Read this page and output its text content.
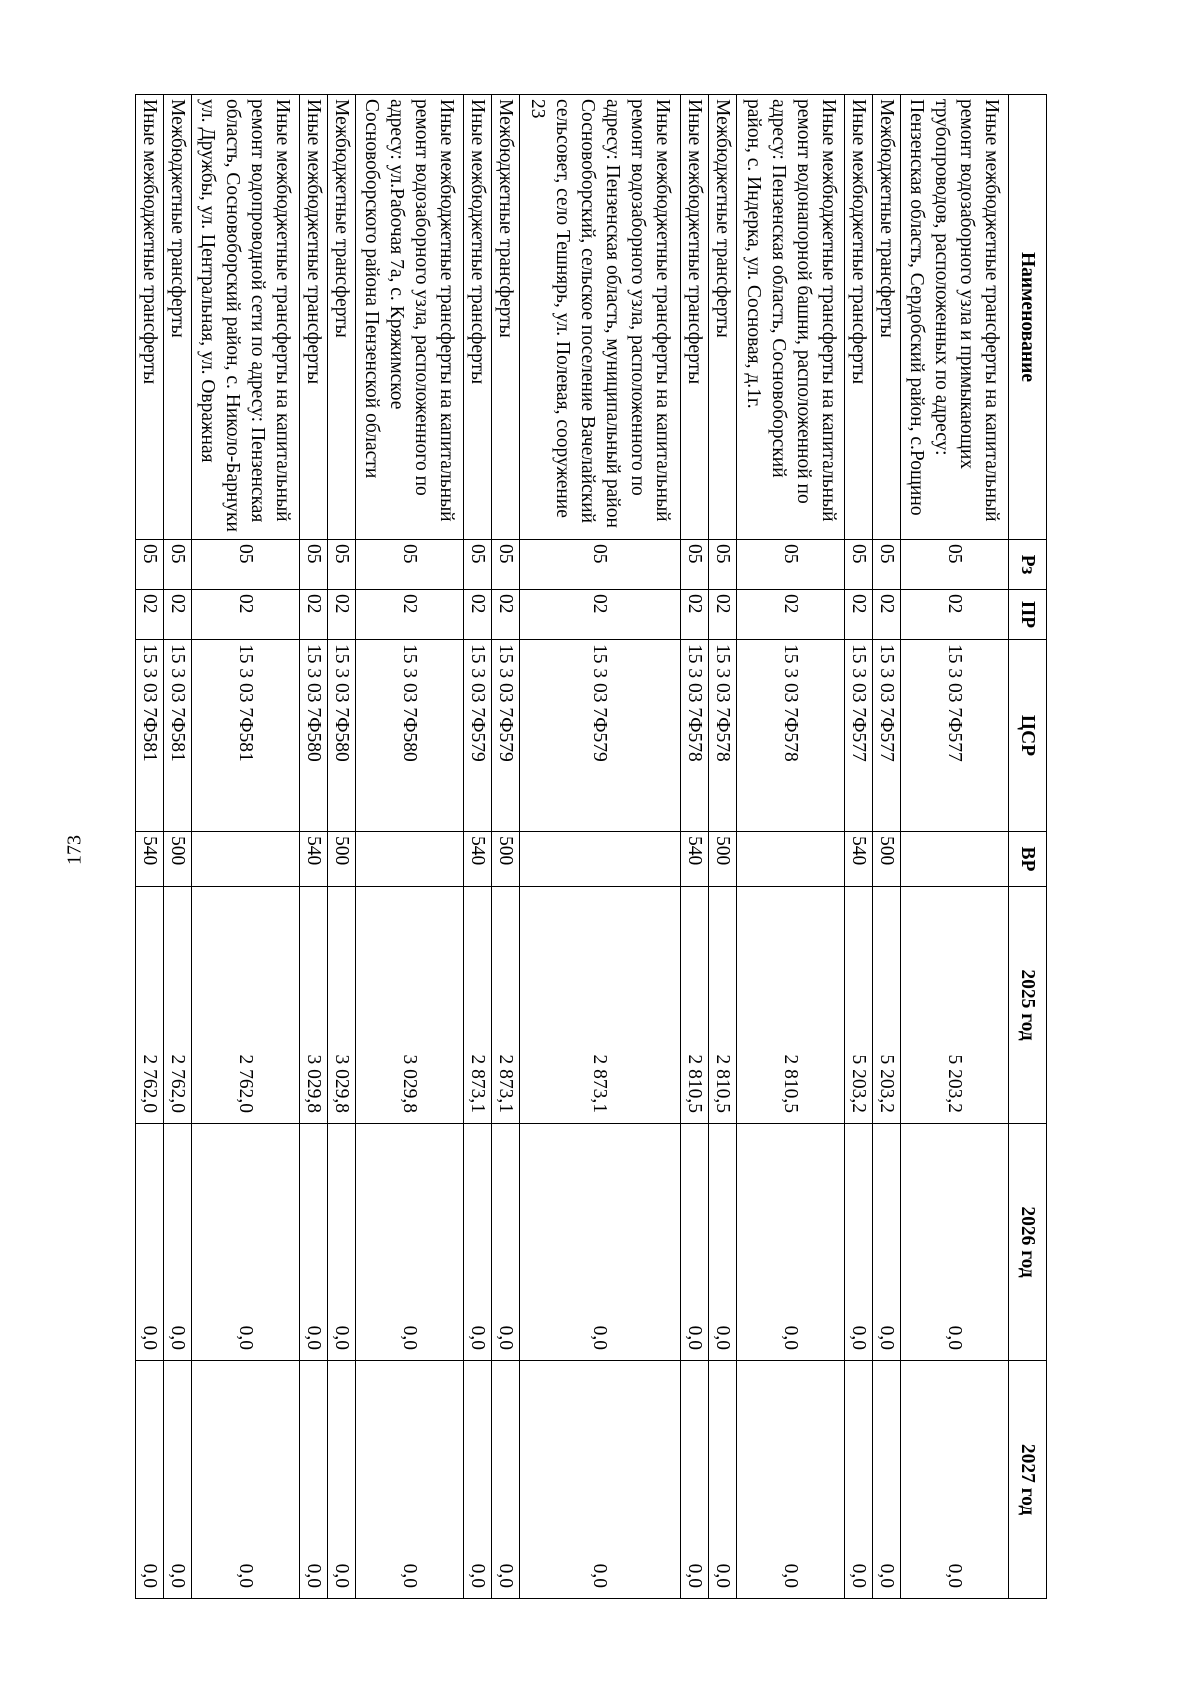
173
Наименование	Рз	ПР	ЦСР	ВР	2025 год	2026 год	2027 год
Иные межбюджетные трансферты на капитальный ремонт водозаборного узла и примыкающих трубопроводов, расположенных по адресу: Пензенская область, Сердобский район, с.Рощино	05	02	15 3 03 7Ф577		5 203,2	0,0	0,0
Межбюджетные трансферты	05	02	15 3 03 7Ф577	500	5 203,2	0,0	0,0
Иные межбюджетные трансферты	05	02	15 3 03 7Ф577	540	5 203,2	0,0	0,0
Иные межбюджетные трансферты на капитальный ремонт водонапорной башни, расположенной по адресу: Пензенская область, Сосновоборский район, с. Индерка, ул. Сосновая, д.1г.	05	02	15 3 03 7Ф578		2 810,5	0,0	0,0
Межбюджетные трансферты	05	02	15 3 03 7Ф578	500	2 810,5	0,0	0,0
Иные межбюджетные трансферты	05	02	15 3 03 7Ф578	540	2 810,5	0,0	0,0
Иные межбюджетные трансферты на капитальный ремонт водозаборного узла, расположенного по адресу: Пензенская область, муниципальный район Сосновоборский, сельское поселение Вачелайский сельсовет, село Тешнярь, ул. Полевая, сооружение 23	05	02	15 3 03 7Ф579		2 873,1	0,0	0,0
Межбюджетные трансферты	05	02	15 3 03 7Ф579	500	2 873,1	0,0	0,0
Иные межбюджетные трансферты	05	02	15 3 03 7Ф579	540	2 873,1	0,0	0,0
Иные межбюджетные трансферты на капитальный ремонт водозаборного узла, расположенного по адресу: ул.Рабочая 7а, с. Кряжимское Сосновоборского района Пензенской области	05	02	15 3 03 7Ф580		3 029,8	0,0	0,0
Межбюджетные трансферты	05	02	15 3 03 7Ф580	500	3 029,8	0,0	0,0
Иные межбюджетные трансферты	05	02	15 3 03 7Ф580	540	3 029,8	0,0	0,0
Иные межбюджетные трансферты на капитальный ремонт водопроводной сети по адресу: Пензенская область, Сосновоборский район, с. Николо-Барнуки ул. Дружбы, ул. Центральная, ул. Овражная	05	02	15 3 03 7Ф581		2 762,0	0,0	0,0
Межбюджетные трансферты	05	02	15 3 03 7Ф581	500	2 762,0	0,0	0,0
Иные межбюджетные трансферты	05	02	15 3 03 7Ф581	540	2 762,0	0,0	0,0
